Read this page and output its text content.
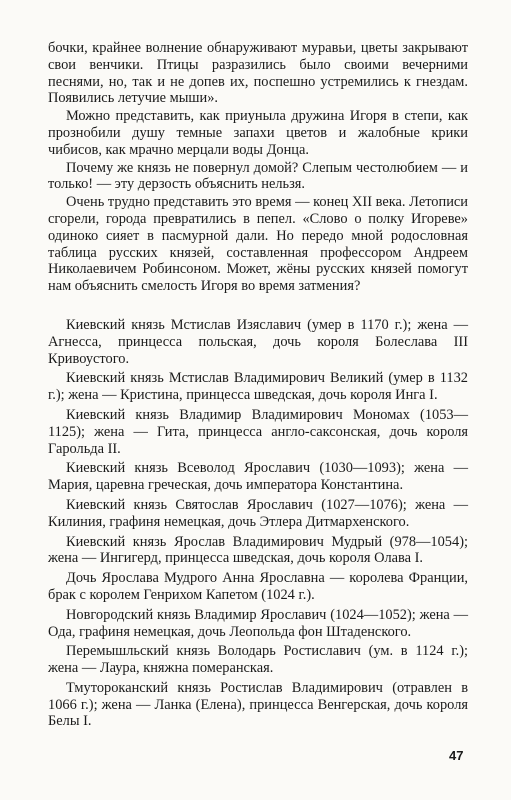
бочки, крайнее волнение обнаруживают муравьи, цветы закрывают свои венчики. Птицы разразились было своими вечерними песнями, но, так и не допев их, поспешно устремились к гнездам. Появились летучие мыши».

Можно представить, как приуныла дружина Игоря в степи, как прознобили душу темные запахи цветов и жалобные крики чибисов, как мрачно мерцали воды Донца.

Почему же князь не повернул домой? Слепым честолюбием — и только! — эту дерзость объяснить нельзя.

Очень трудно представить это время — конец XII века. Летописи сгорели, города превратились в пепел. «Слово о полку Игореве» одиноко сияет в пасмурной дали. Но передо мной родословная таблица русских князей, составленная профессором Андреем Николаевичем Робинсоном. Может, жёны русских князей помогут нам объяснить смелость Игоря во время затмения?

Киевский князь Мстислав Изяславич (умер в 1170 г.); жена — Агнесса, принцесса польская, дочь короля Болеслава III Кривоустого.

Киевский князь Мстислав Владимирович Великий (умер в 1132 г.); жена — Кристина, принцесса шведская, дочь короля Инга I.

Киевский князь Владимир Владимирович Мономах (1053—1125); жена — Гита, принцесса англо-саксонская, дочь короля Гарольда II.

Киевский князь Всеволод Ярославич (1030—1093); жена — Мария, царевна греческая, дочь императора Константина.

Киевский князь Святослав Ярославич (1027—1076); жена — Килиния, графиня немецкая, дочь Этлера Дитмархенского.

Киевский князь Ярослав Владимирович Мудрый (978—1054); жена — Ингигерд, принцесса шведская, дочь короля Олава I.

Дочь Ярослава Мудрого Анна Ярославна — королева Франции, брак с королем Генрихом Капетом (1024 г.).

Новгородский князь Владимир Ярославич (1024—1052); жена — Ода, графиня немецкая, дочь Леопольда фон Штаденского.

Перемышльский князь Володарь Ростиславич (ум. в 1124 г.); жена — Лаура, княжна померанская.

Тмутороканский князь Ростислав Владимирович (отравлен в 1066 г.); жена — Ланка (Елена), принцесса Венгерская, дочь короля Белы I.

47
